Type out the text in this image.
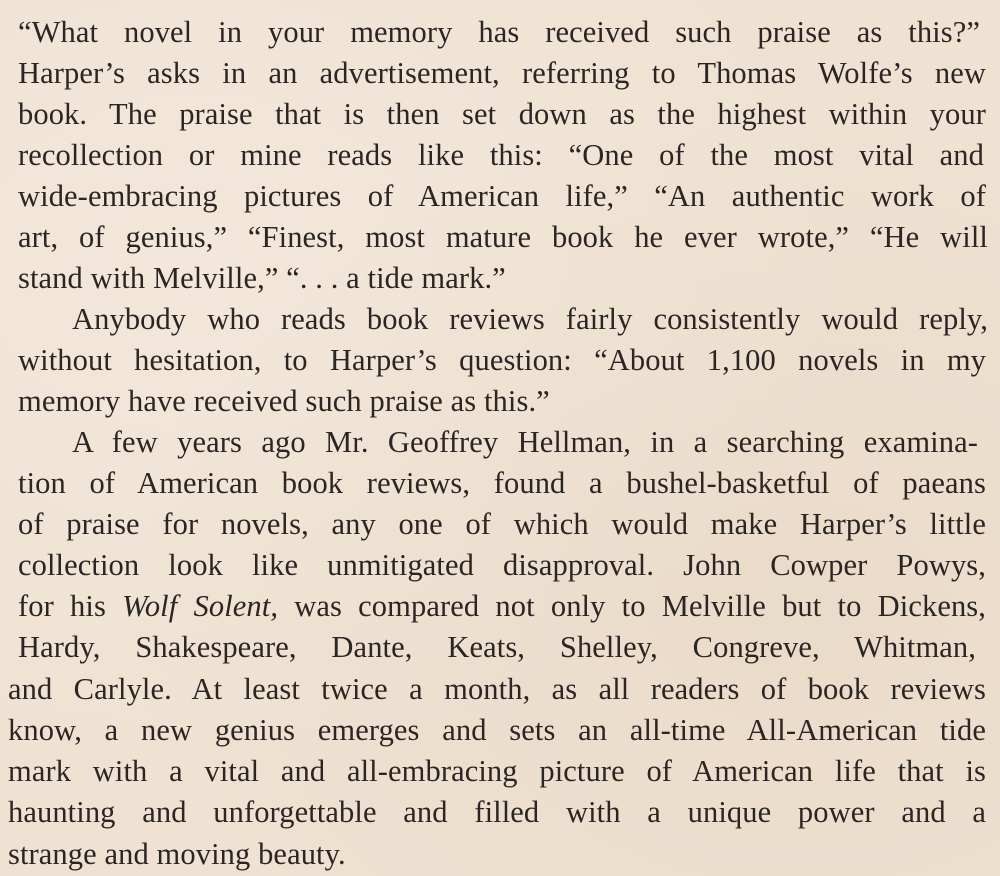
“What novel in your memory has received such praise as this?”
Harper’s asks in an advertisement, referring to Thomas Wolfe’s new
book. The praise that is then set down as the highest within your
recollection or mine reads like this: “One of the most vital and
wide-embracing pictures of American life,” “An authentic work of
art, of genius,” “Finest, most mature book he ever wrote,” “He will
stand with Melville,” “. . . a tide mark.”
Anybody who reads book reviews fairly consistently would reply,
without hesitation, to Harper’s question: “About 1,100 novels in my
memory have received such praise as this.”
A few years ago Mr. Geoffrey Hellman, in a searching examina-
tion of American book reviews, found a bushel-basketful of paeans
of praise for novels, any one of which would make Harper’s little
collection look like unmitigated disapproval. John Cowper Powys,
for his Wolf Solent, was compared not only to Melville but to Dickens,
Hardy, Shakespeare, Dante, Keats, Shelley, Congreve, Whitman,
and Carlyle. At least twice a month, as all readers of book reviews
know, a new genius emerges and sets an all-time All-American tide
mark with a vital and all-embracing picture of American life that is
haunting and unforgettable and filled with a unique power and a
strange and moving beauty.
